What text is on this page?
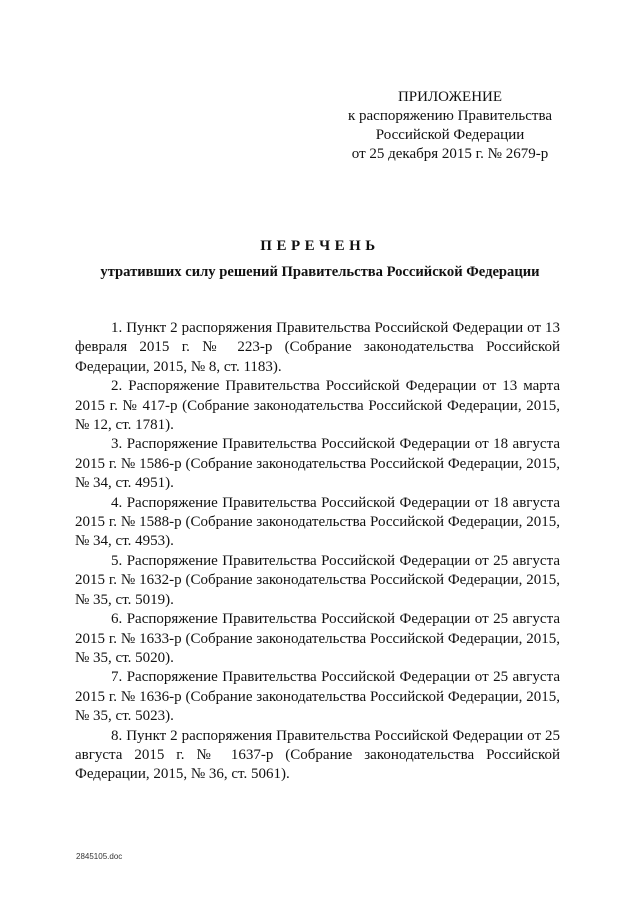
ПРИЛОЖЕНИЕ
к распоряжению Правительства
Российской Федерации
от 25 декабря 2015 г. № 2679-р
ПЕРЕЧЕНЬ
утративших силу решений Правительства Российской Федерации

1. Пункт 2 распоряжения Правительства Российской Федерации от 13 февраля 2015 г. № 223-р (Собрание законодательства Российской Федерации, 2015, № 8, ст. 1183).

2. Распоряжение Правительства Российской Федерации от 13 марта 2015 г. № 417-р (Собрание законодательства Российской Федерации, 2015, № 12, ст. 1781).

3. Распоряжение Правительства Российской Федерации от 18 августа 2015 г. № 1586-р (Собрание законодательства Российской Федерации, 2015, № 34, ст. 4951).

4. Распоряжение Правительства Российской Федерации от 18 августа 2015 г. № 1588-р (Собрание законодательства Российской Федерации, 2015, № 34, ст. 4953).

5. Распоряжение Правительства Российской Федерации от 25 августа 2015 г. № 1632-р (Собрание законодательства Российской Федерации, 2015, № 35, ст. 5019).

6. Распоряжение Правительства Российской Федерации от 25 августа 2015 г. № 1633-р (Собрание законодательства Российской Федерации, 2015, № 35, ст. 5020).

7. Распоряжение Правительства Российской Федерации от 25 августа 2015 г. № 1636-р (Собрание законодательства Российской Федерации, 2015, № 35, ст. 5023).

8. Пункт 2 распоряжения Правительства Российской Федерации от 25 августа 2015 г. № 1637-р (Собрание законодательства Российской Федерации, 2015, № 36, ст. 5061).

2845105.doc
